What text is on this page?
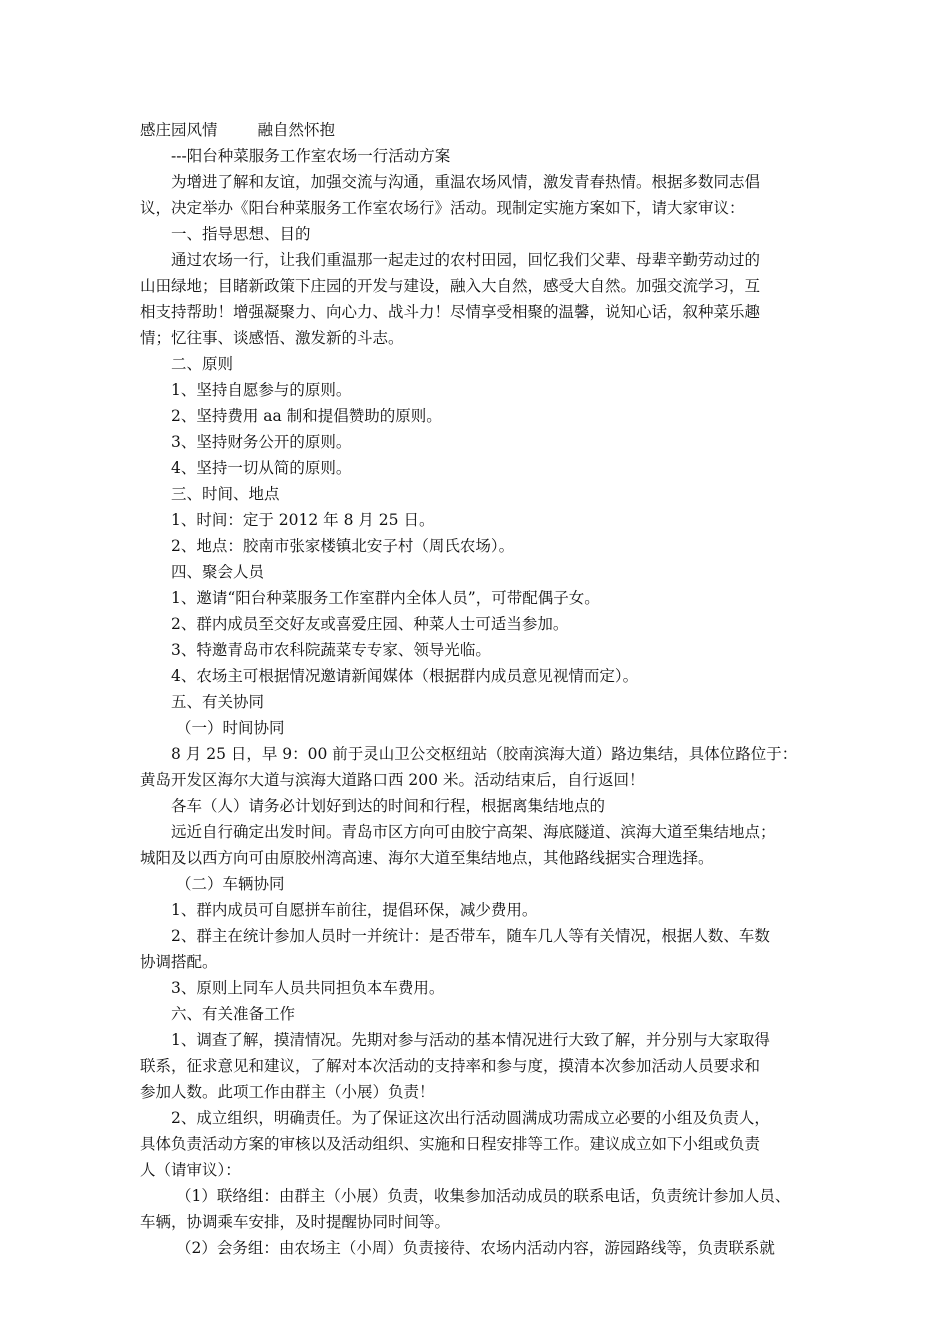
感庄园风情	融自然怀抱
---阳台种菜服务工作室农场一行活动方案
为增进了解和友谊，加强交流与沟通，重温农场风情，激发青春热情。根据多数同志倡
议，决定举办《阳台种菜服务工作室农场行》活动。现制定实施方案如下，请大家审议：
一、指导思想、目的
通过农场一行，让我们重温那一起走过的农村田园，回忆我们父辈、母辈辛勤劳动过的
山田绿地；目睹新政策下庄园的开发与建设，融入大自然，感受大自然。加强交流学习，互
相支持帮助！增强凝聚力、向心力、战斗力！尽情享受相聚的温馨，说知心话，叙种菜乐趣
情；忆往事、谈感悟、激发新的斗志。
二、原则
1、坚持自愿参与的原则。
2、坚持费用 aa 制和提倡赞助的原则。
3、坚持财务公开的原则。
4、坚持一切从简的原则。
三、时间、地点
1、时间：定于 2012 年 8 月 25 日。
2、地点：胶南市张家楼镇北安子村（周氏农场）。
四、聚会人员
1、邀请“阳台种菜服务工作室群内全体人员”，可带配偶子女。
2、群内成员至交好友或喜爱庄园、种菜人士可适当参加。
3、特邀青岛市农科院蔬菜专专家、领导光临。
4、农场主可根据情况邀请新闻媒体（根据群内成员意见视情而定）。
五、有关协同
（一）时间协同
8 月 25 日，早 9：00 前于灵山卫公交枢纽站（胶南滨海大道）路边集结，具体位路位于：
黄岛开发区海尔大道与滨海大道路口西 200 米。活动结束后，自行返回！
各车（人）请务必计划好到达的时间和行程，根据离集结地点的
远近自行确定出发时间。青岛市区方向可由胶宁高架、海底隧道、滨海大道至集结地点；
城阳及以西方向可由原胶州湾高速、海尔大道至集结地点，其他路线据实合理选择。
（二）车辆协同
1、群内成员可自愿拼车前往，提倡环保，减少费用。
2、群主在统计参加人员时一并统计：是否带车，随车几人等有关情况，根据人数、车数
协调搭配。
3、原则上同车人员共同担负本车费用。
六、有关准备工作
1、调查了解，摸清情况。先期对参与活动的基本情况进行大致了解，并分别与大家取得
联系，征求意见和建议，了解对本次活动的支持率和参与度，摸清本次参加活动人员要求和
参加人数。此项工作由群主（小展）负责！
2、成立组织，明确责任。为了保证这次出行活动圆满成功需成立必要的小组及负责人，
具体负责活动方案的审核以及活动组织、实施和日程安排等工作。建议成立如下小组或负责
人（请审议）：
（1）联络组：由群主（小展）负责，收集参加活动成员的联系电话，负责统计参加人员、
车辆，协调乘车安排，及时提醒协同时间等。
（2）会务组：由农场主（小周）负责接待、农场内活动内容，游园路线等，负责联系就
